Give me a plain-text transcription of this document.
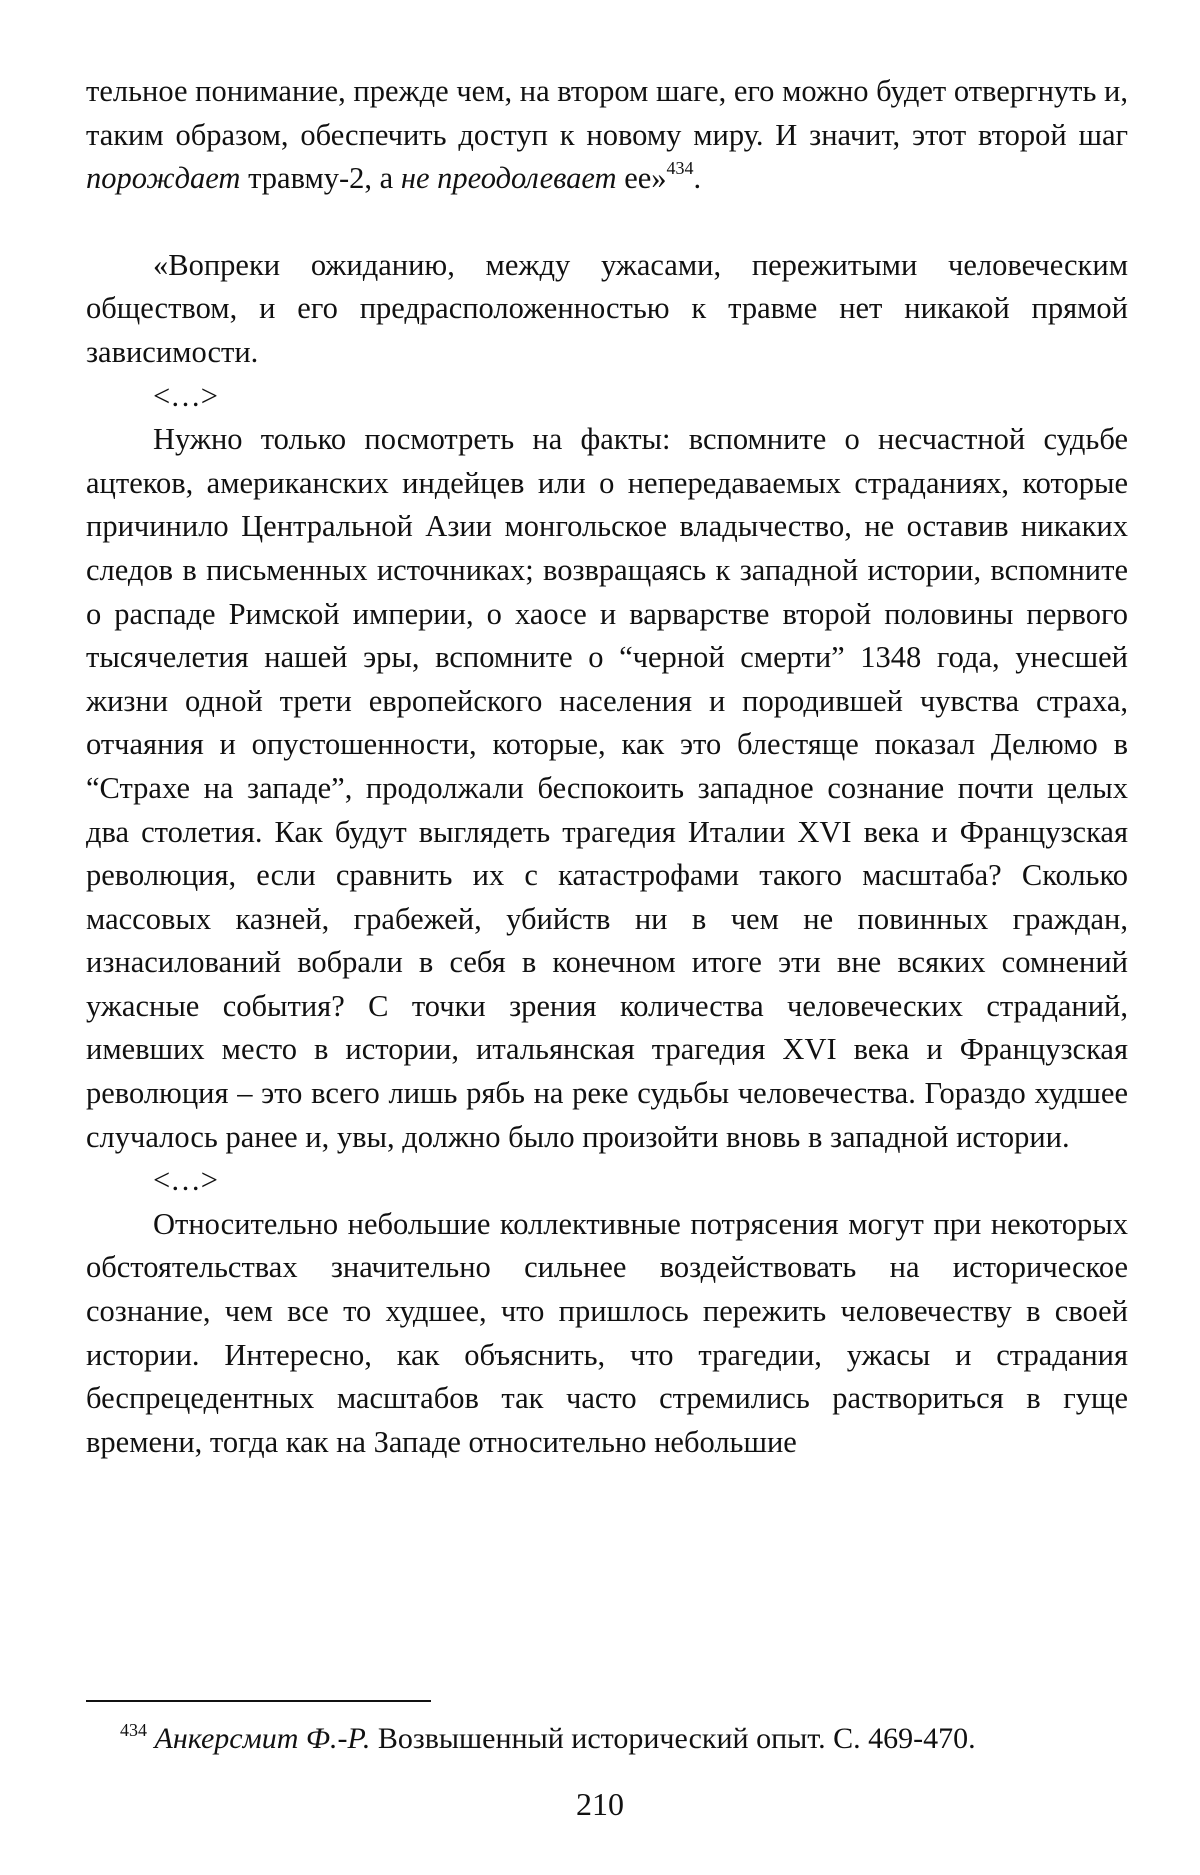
тельное понимание, прежде чем, на втором шаге, его можно будет отвергнуть и, таким образом, обеспечить доступ к новому миру. И значит, этот второй шаг порождает травму-2, а не преодолевает ее»$^{434}$.

«Вопреки ожиданию, между ужасами, пережитыми человеческим обществом, и его предрасположенностью к травме нет никакой прямой зависимости.

<…>

Нужно только посмотреть на факты: вспомните о несчастной судьбе ацтеков, американских индейцев или о непередаваемых страданиях, которые причинило Центральной Азии монгольское владычество, не оставив никаких следов в письменных источниках; возвращаясь к западной истории, вспомните о распаде Римской империи, о хаосе и варварстве второй половины первого тысячелетия нашей эры, вспомните о “черной смерти” 1348 года, унесшей жизни одной трети европейского населения и породившей чувства страха, отчаяния и опустошенности, которые, как это блестяще показал Делюмо в “Страхе на западе”, продолжали беспокоить западное сознание почти целых два столетия. Как будут выглядеть трагедия Италии XVI века и Французская революция, если сравнить их с катастрофами такого масштаба? Сколько массовых казней, грабежей, убийств ни в чем не повинных граждан, изнасилований вобрали в себя в конечном итоге эти вне всяких сомнений ужасные события? С точки зрения количества человеческих страданий, имевших место в истории, итальянская трагедия XVI века и Французская революция – это всего лишь рябь на реке судьбы человечества. Гораздо худшее случалось ранее и, увы, должно было произойти вновь в западной истории.

<…>

Относительно небольшие коллективные потрясения могут при некоторых обстоятельствах значительно сильнее воздействовать на историческое сознание, чем все то худшее, что пришлось пережить человечеству в своей истории. Интересно, как объяснить, что трагедии, ужасы и страдания беспрецедентных масштабов так часто стремились раствориться в гуще времени, тогда как на Западе относительно небольшие

$^{434}$ Анкерсмит Ф.-Р. Возвышенный исторический опыт. С. 469-470.
210
